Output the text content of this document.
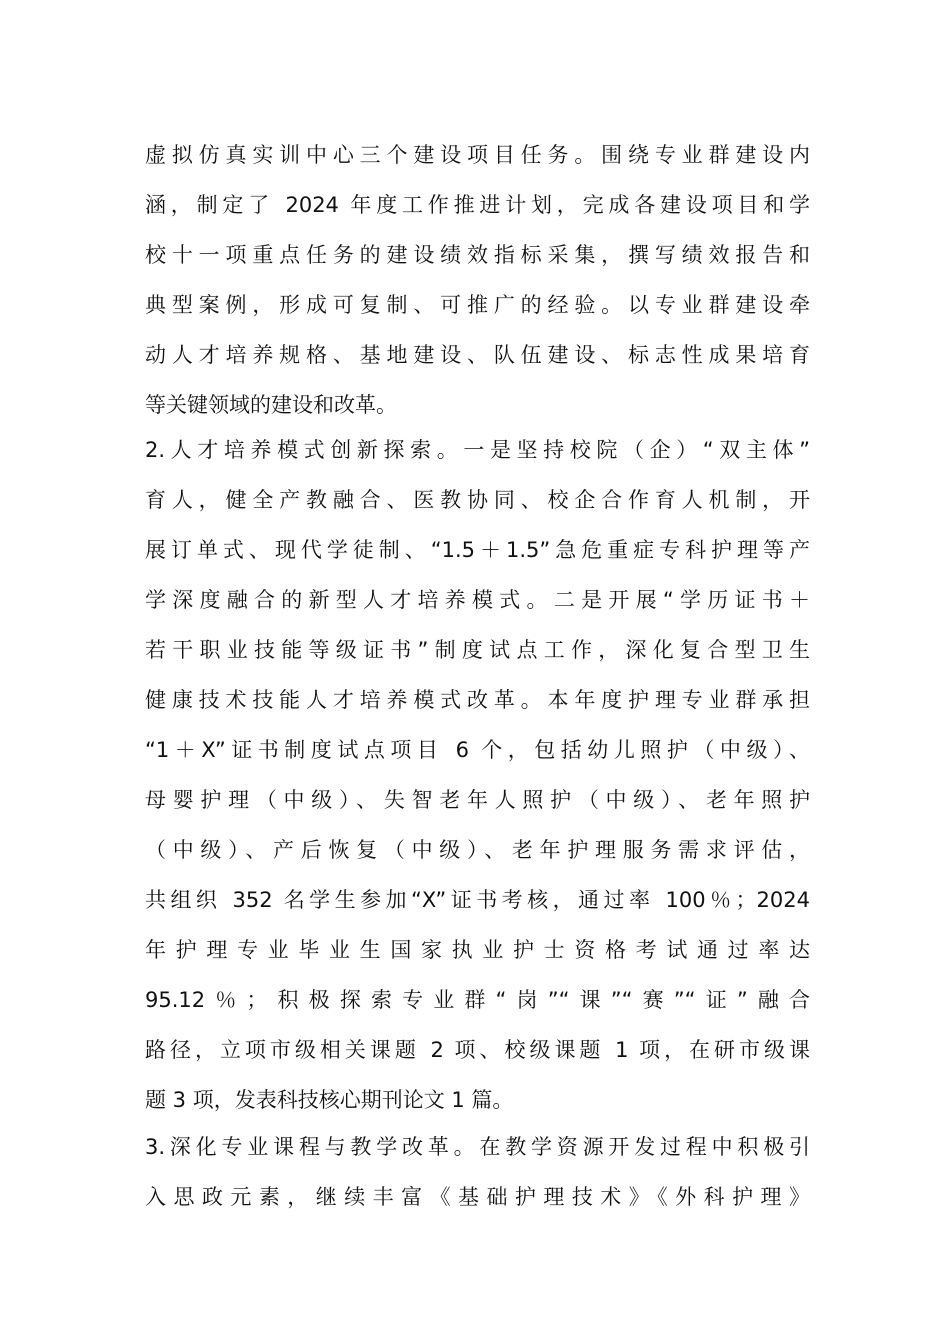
虚拟仿真实训中心三个建设项目任务。围绕专业群建设内
涵，制定了 2024 年度工作推进计划，完成各建设项目和学
校十一项重点任务的建设绩效指标采集，撰写绩效报告和
典型案例，形成可复制、可推广的经验。以专业群建设牵
动人才培养规格、基地建设、队伍建设、标志性成果培育
等关键领域的建设和改革。
2.人才培养模式创新探索。一是坚持校院（企）“双主体”
育人，健全产教融合、医教协同、校企合作育人机制，开
展订单式、现代学徒制、“1.5＋1.5”急危重症专科护理等产
学深度融合的新型人才培养模式。二是开展“学历证书＋
若干职业技能等级证书”制度试点工作，深化复合型卫生
健康技术技能人才培养模式改革。本年度护理专业群承担
“1＋X”证书制度试点项目 6 个，包括幼儿照护（中级）、
母婴护理（中级）、失智老年人照护（中级）、老年照护
（中级）、产后恢复（中级）、老年护理服务需求评估，
共组织 352 名学生参加“X”证书考核，通过率 100％；2024
年护理专业毕业生国家执业护士资格考试通过率达
95.12％；积极探索专业群“岗”“课”“赛”“证”融合
路径，立项市级相关课题 2 项、校级课题 1 项，在研市级课
题 3 项，发表科技核心期刊论文 1 篇。
3.深化专业课程与教学改革。在教学资源开发过程中积极引
入思政元素，继续丰富《基础护理技术》《外科护理》
